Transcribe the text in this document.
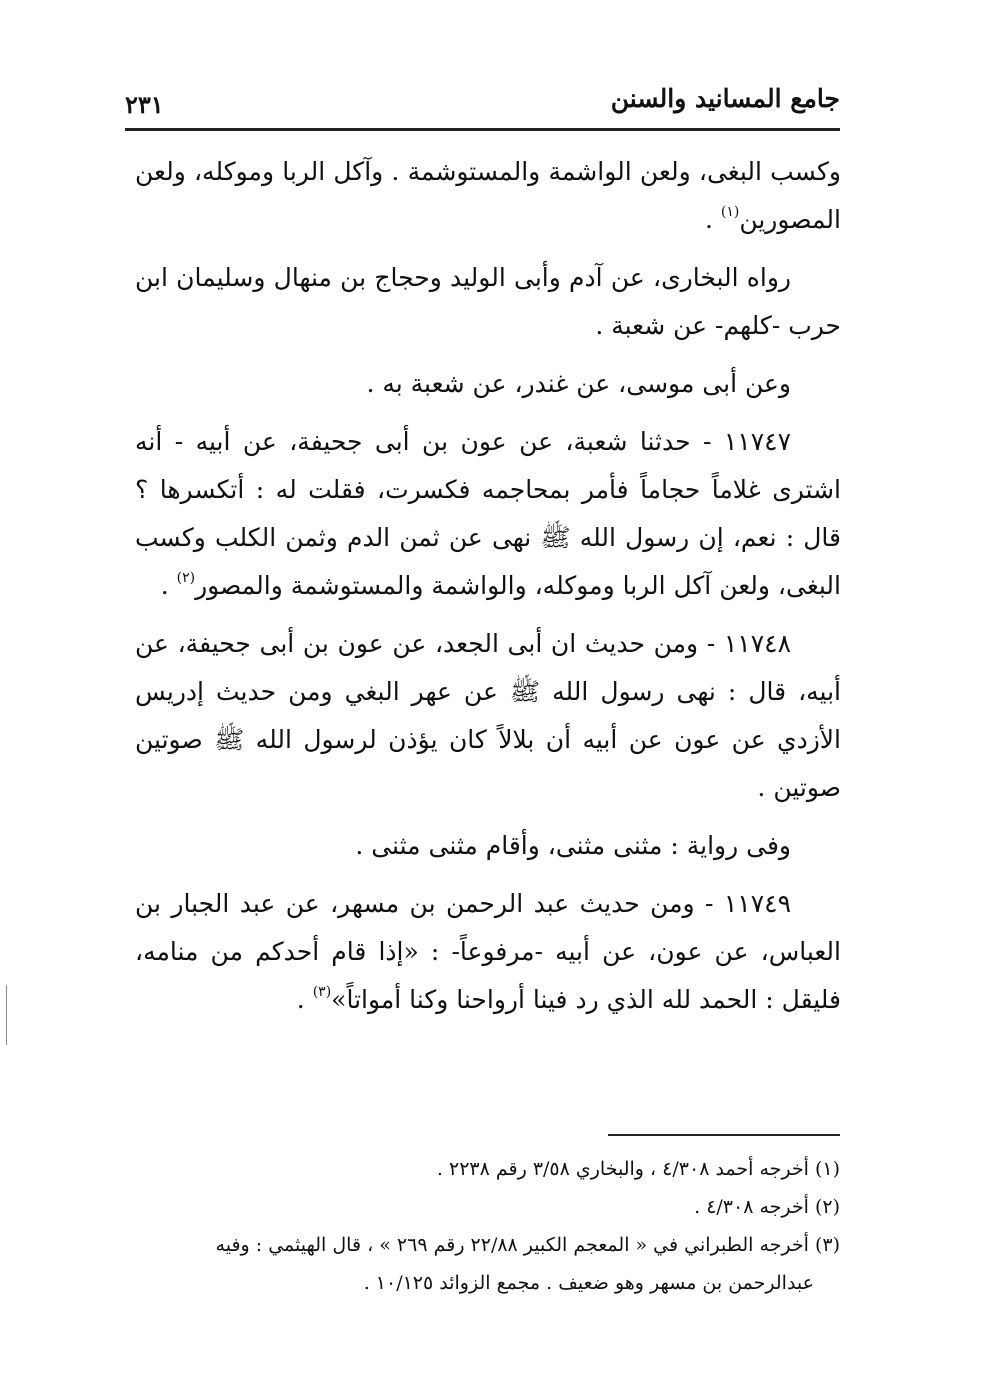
جامع المسانيد والسنن
٢٣١

وكسب البغى، ولعن الواشمة والمستوشمة . وآكل الربا وموكله، ولعن المصورين$^{(١)}$ .

رواه البخارى، عن آدم وأبى الوليد وحجاج بن منهال وسليمان ابن حرب -كلهم- عن شعبة .

وعن أبى موسى، عن غندر، عن شعبة به .

١١٧٤٧ - حدثنا شعبة، عن عون بن أبى جحيفة، عن أبيه - أنه اشترى غلاماً حجاماً فأمر بمحاجمه فكسرت، فقلت له : أتكسرها ؟ قال : نعم، إن رسول الله ﷺ نهى عن ثمن الدم وثمن الكلب وكسب البغى، ولعن آكل الربا وموكله، والواشمة والمستوشمة والمصور$^{(٢)}$ .

١١٧٤٨ - ومن حديث ان أبى الجعد، عن عون بن أبى جحيفة، عن أبيه، قال : نهى رسول الله ﷺ عن عهر البغي ومن حديث إدريس الأزدي عن عون عن أبيه أن بلالاً كان يؤذن لرسول الله ﷺ صوتين صوتين .

وفى رواية : مثنى مثنى، وأقام مثنى مثنى .

١١٧٤٩ - ومن حديث عبد الرحمن بن مسهر، عن عبد الجبار بن العباس، عن عون، عن أبيه -مرفوعاً- : «إذا قام أحدكم من منامه، فليقل : الحمد لله الذي رد فينا أرواحنا وكنا أمواتاً»$^{(٣)}$ .

(١) أخرجه أحمد ٤/٣٠٨ ، والبخاري ٣/٥٨ رقم ٢٢٣٨ .

(٢) أخرجه ٤/٣٠٨ .

(٣) أخرجه الطبراني في « المعجم الكبير ٢٢/٨٨ رقم ٢٦٩ » ، قال الهيثمي : وفيه

عبدالرحمن بن مسهر وهو ضعيف . مجمع الزوائد ١٠/١٢٥ .
